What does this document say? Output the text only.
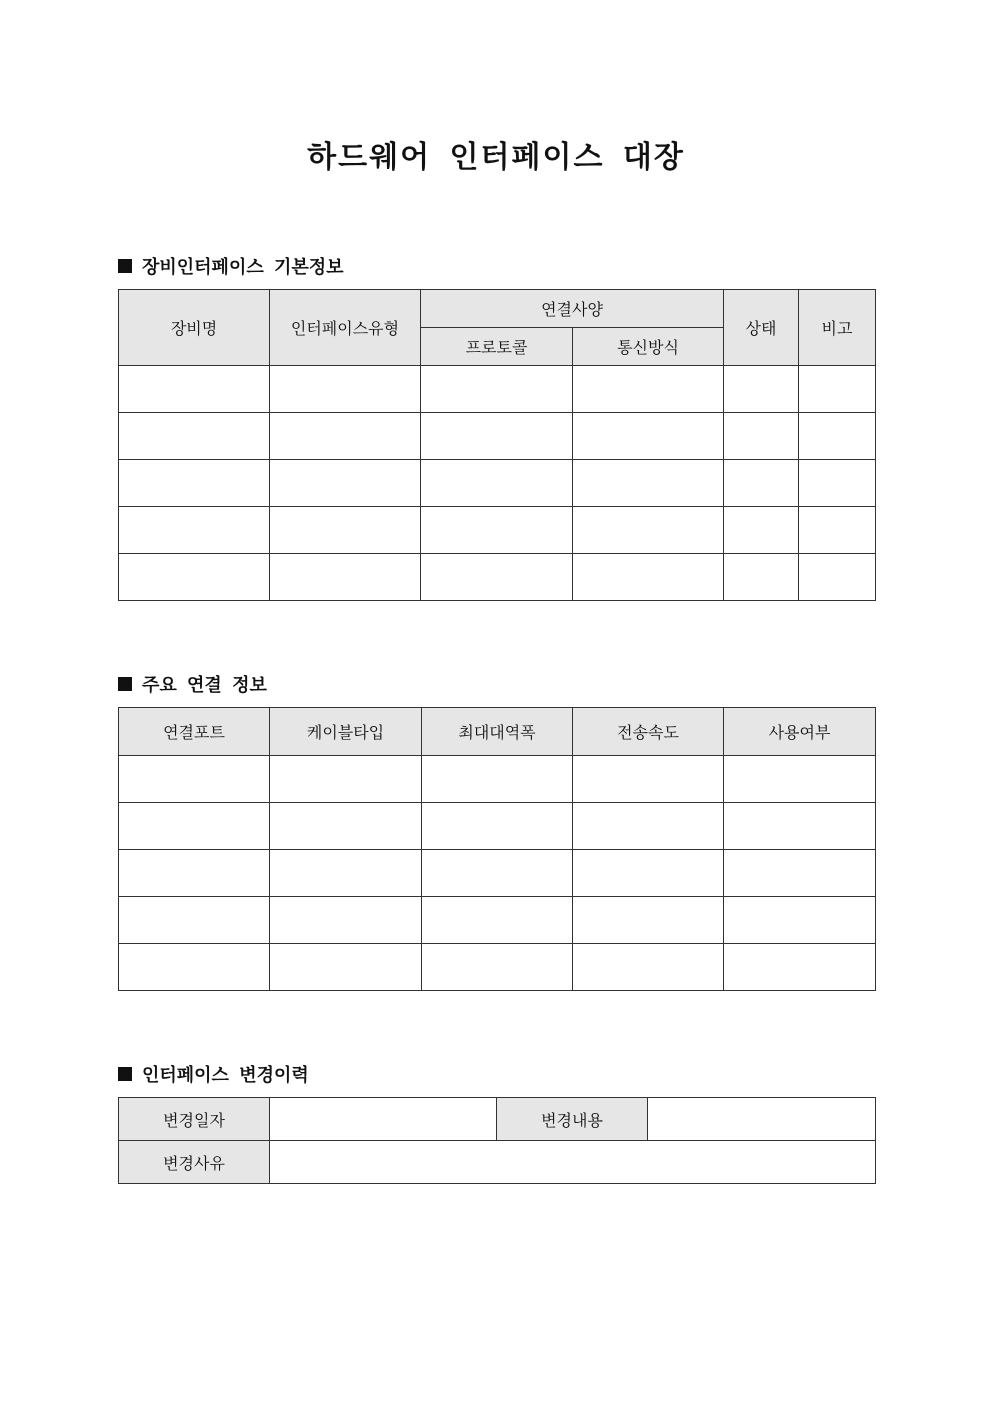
하드웨어 인터페이스 대장
장비인터페이스 기본정보
장비명	인터페이스유형	연결사양		상태	비고
		프로토콜	통신방식		

주요 연결 정보
연결포트	케이블타입	최대대역폭	전송속도	사용여부

인터페이스 변경이력
변경일자		변경내용	
변경사유			
